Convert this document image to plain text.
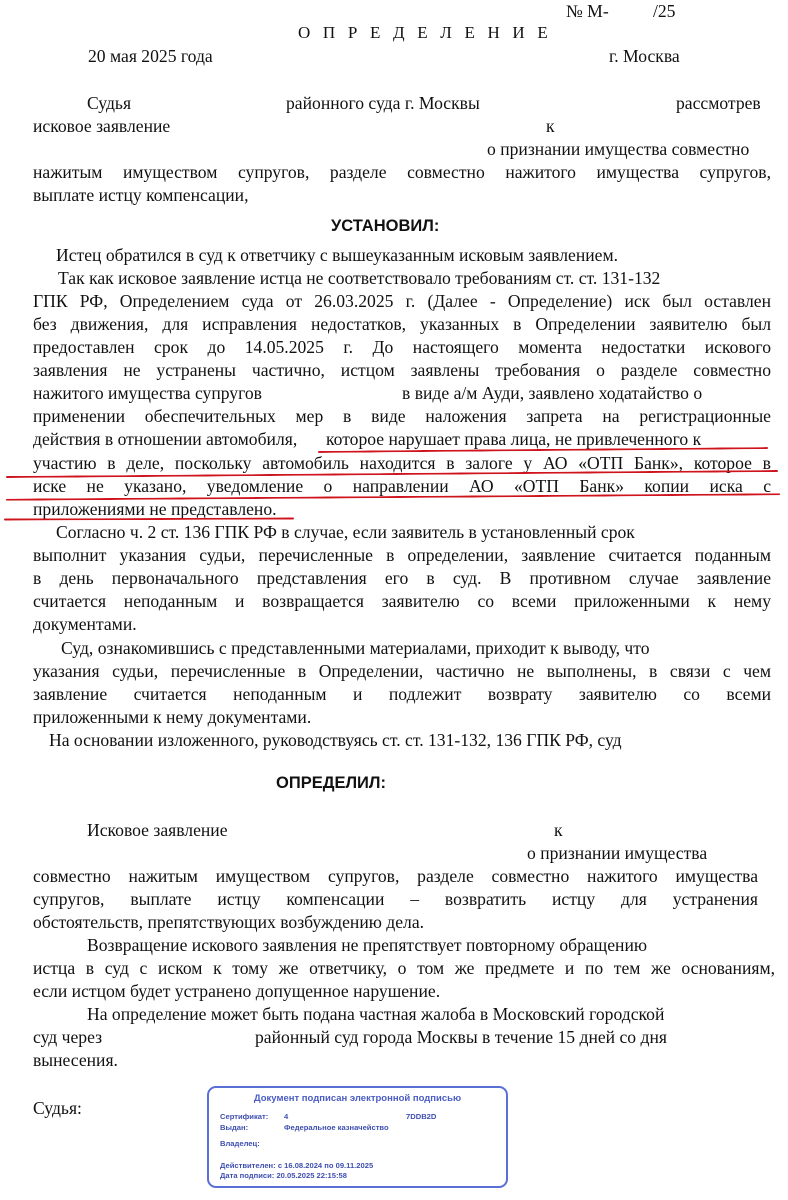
№ М-	/25
О П Р Е Д Е Л Е Н И Е
20 мая 2025 года	г. Москва
Судья	районного суда г. Москвы	рассмотрев
исковое заявление	к
о признании имущества совместно
нажитым имуществом супругов, разделе совместно нажитого имущества супругов,
выплате истцу компенсации,
УСТАНОВИЛ:
Истец обратился в суд к ответчику с вышеуказанным исковым заявлением.
Так как исковое заявление истца не соответствовало требованиям ст. ст. 131-132
ГПК РФ, Определением суда от 26.03.2025 г. (Далее - Определение) иск был оставлен
без движения, для исправления недостатков, указанных в Определении заявителю был
предоставлен срок до 14.05.2025 г. До настоящего момента недостатки искового
заявления не устранены частично, истцом заявлены требования о разделе совместно
нажитого имущества супругов	в виде а/м Ауди, заявлено ходатайство о
применении обеспечительных мер в виде наложения запрета на регистрационные
действия в отношении автомобиля, которое нарушает права лица, не привлеченного к
участию в деле, поскольку автомобиль находится в залоге у АО «ОТП Банк», которое в
иске не указано, уведомление о направлении АО «ОТП Банк» копии иска с
приложениями не представлено.
Согласно ч. 2 ст. 136 ГПК РФ в случае, если заявитель в установленный срок
выполнит указания судьи, перечисленные в определении, заявление считается поданным
в день первоначального представления его в суд. В противном случае заявление
считается неподанным и возвращается заявителю со всеми приложенными к нему
документами.
Суд, ознакомившись с представленными материалами, приходит к выводу, что
указания судьи, перечисленные в Определении, частично не выполнены, в связи с чем
заявление считается неподанным и подлежит возврату заявителю со всеми
приложенными к нему документами.
На основании изложенного, руководствуясь ст. ст. 131-132, 136 ГПК РФ, суд
ОПРЕДЕЛИЛ:
Исковое заявление	к
о признании имущества
совместно нажитым имуществом супругов, разделе совместно нажитого имущества
супругов, выплате истцу компенсации – возвратить истцу для устранения
обстоятельств, препятствующих возбуждению дела.
Возвращение искового заявления не препятствует повторному обращению
истца в суд с иском к тому же ответчику, о том же предмете и по тем же основаниям,
если истцом будет устранено допущенное нарушение.
На определение может быть подана частная жалоба в Московский городской
суд через	районный суд города Москвы в течение 15 дней со дня
вынесения.
Судья:	Документ подписан электронной подписью
Сертификат: 4	7DDB2D
Выдан:	Федеральное казначейство
Владелец:
Действителен: с 16.08.2024 по 09.11.2025
Дата подписи: 20.05.2025 22:15:58
